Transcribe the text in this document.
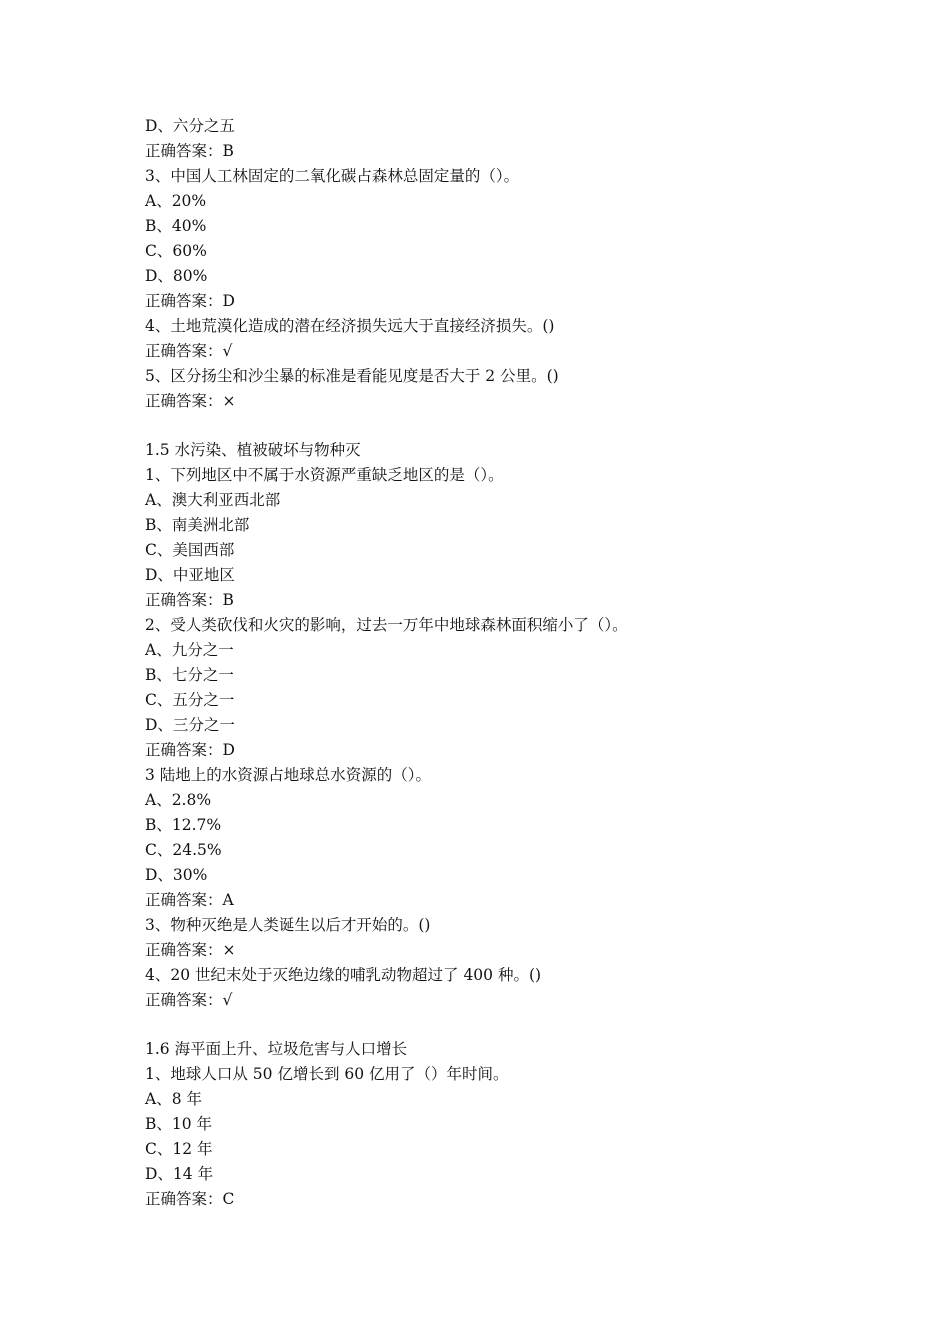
D、六分之五
正确答案：B
3、中国人工林固定的二氧化碳占森林总固定量的（）。
A、20%
B、40%
C、60%
D、80%
正确答案：D
4、土地荒漠化造成的潜在经济损失远大于直接经济损失。()
正确答案：√
5、区分扬尘和沙尘暴的标准是看能见度是否大于 2 公里。()
正确答案：×
1.5 水污染、植被破坏与物种灭
1、下列地区中不属于水资源严重缺乏地区的是（）。
A、澳大利亚西北部
B、南美洲北部
C、美国西部
D、中亚地区
正确答案：B
2、受人类砍伐和火灾的影响，过去一万年中地球森林面积缩小了（）。
A、九分之一
B、七分之一
C、五分之一
D、三分之一
正确答案：D
3 陆地上的水资源占地球总水资源的（）。
A、2.8%
B、12.7%
C、24.5%
D、30%
正确答案：A
3、物种灭绝是人类诞生以后才开始的。()
正确答案：×
4、20 世纪末处于灭绝边缘的哺乳动物超过了 400 种。()
正确答案：√
1.6 海平面上升、垃圾危害与人口增长
1、地球人口从 50 亿增长到 60 亿用了（）年时间。
A、8 年
B、10 年
C、12 年
D、14 年
正确答案：C
